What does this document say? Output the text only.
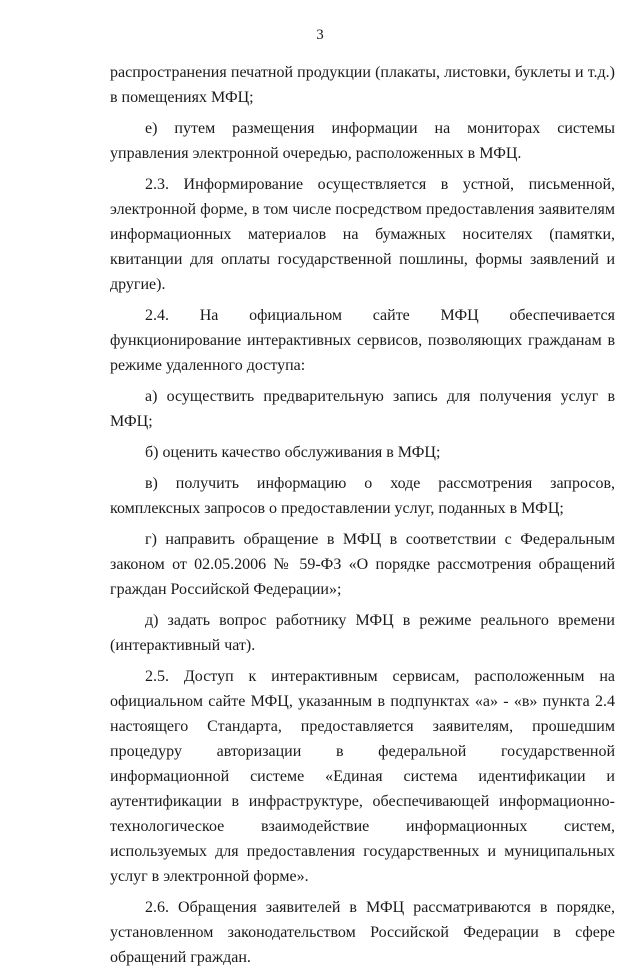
3

распространения печатной продукции (плакаты, листовки, буклеты и т.д.) в помещениях МФЦ;

е) путем размещения информации на мониторах системы управления электронной очередью, расположенных в МФЦ.

2.3. Информирование осуществляется в устной, письменной, электронной форме, в том числе посредством предоставления заявителям информационных материалов на бумажных носителях (памятки, квитанции для оплаты государственной пошлины, формы заявлений и другие).

2.4. На официальном сайте МФЦ обеспечивается функционирование интерактивных сервисов, позволяющих гражданам в режиме удаленного доступа:

а) осуществить предварительную запись для получения услуг в МФЦ;

б) оценить качество обслуживания в МФЦ;

в) получить информацию о ходе рассмотрения запросов, комплексных запросов о предоставлении услуг, поданных в МФЦ;

г) направить обращение в МФЦ в соответствии с Федеральным законом от 02.05.2006 № 59-ФЗ «О порядке рассмотрения обращений граждан Российской Федерации»;

д) задать вопрос работнику МФЦ в режиме реального времени (интерактивный чат).

2.5. Доступ к интерактивным сервисам, расположенным на официальном сайте МФЦ, указанным в подпунктах «а» - «в» пункта 2.4 настоящего Стандарта, предоставляется заявителям, прошедшим процедуру авторизации в федеральной государственной информационной системе «Единая система идентификации и аутентификации в инфраструктуре, обеспечивающей информационно-технологическое взаимодействие информационных систем, используемых для предоставления государственных и муниципальных услуг в электронной форме».

2.6. Обращения заявителей в МФЦ рассматриваются в порядке, установленном законодательством Российской Федерации в сфере обращений граждан.
